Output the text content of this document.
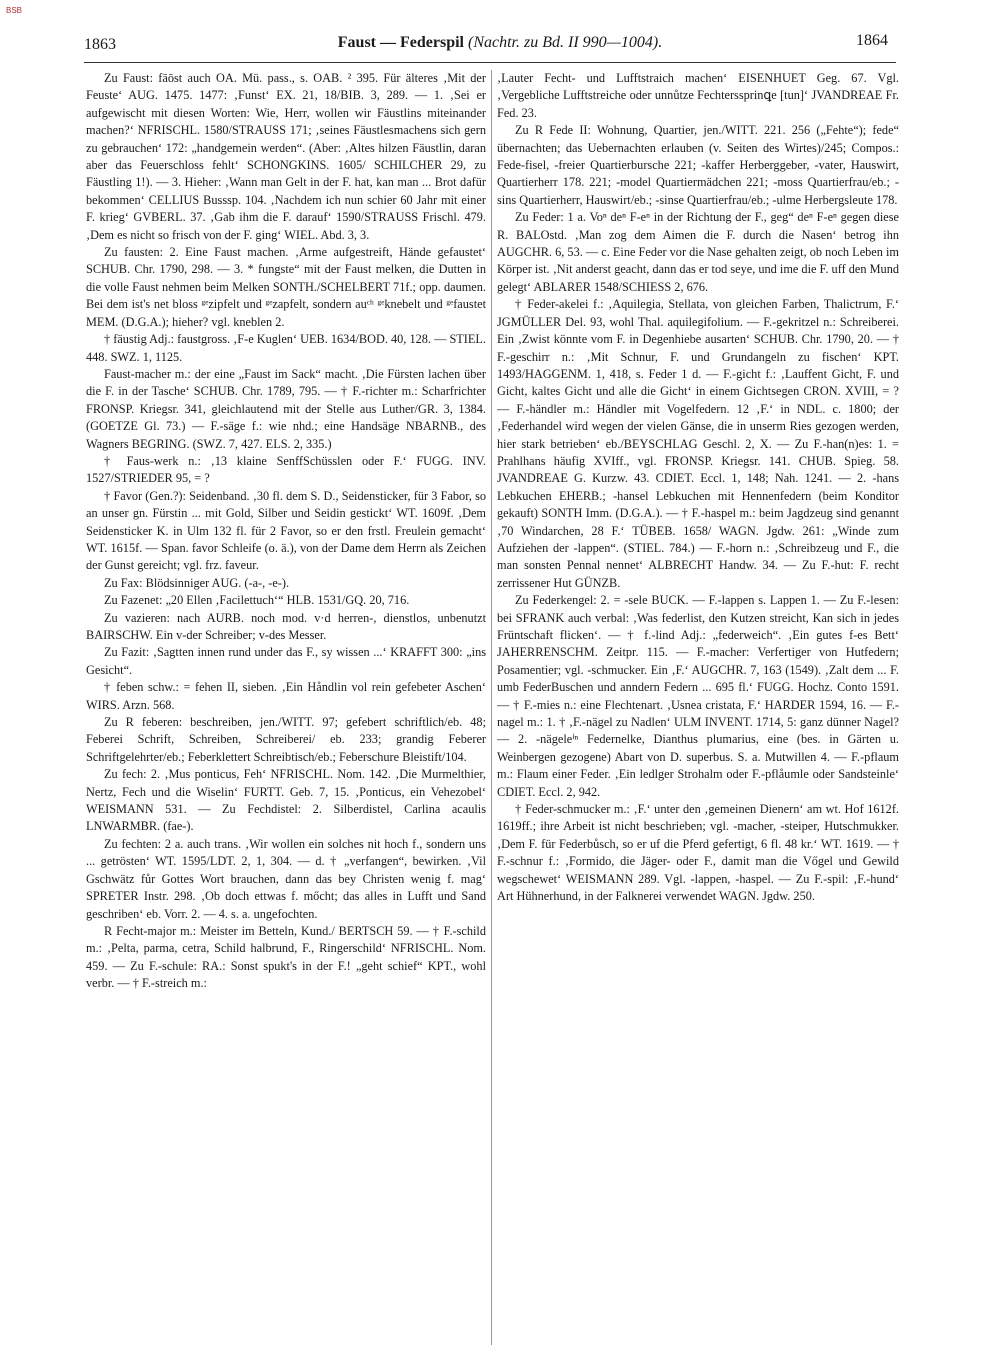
BSB
1863	Faust — Federspil (Nachtr. zu Bd. II 990—1004).	1864

Zu Faust: fāōst auch OA. Mü. pass., s. OAB. ² 395. Für älteres ‚Mit der Feuste‘ AUG. 1475. 1477: ‚Funst‘ EX. 21, 18/BIB. 3, 289. — 1. ‚Sei er aufgewischt mit diesen Worten: Wie, Herr, wollen wir Fäustlins miteinander machen?‘ NFRISCHL. 1580/STRAUSS 171; ‚seines Fäustlesmachens sich gern zu gebrauchen‘ 172: „handgemein werden“. (Aber: ‚Altes hilzen Fäustlin, daran aber das Feuerschloss fehlt‘ SCHONGKINS. 1605/ SCHILCHER 29, zu Fäustling 1!). — 3. Hieher: ‚Wann man Gelt in der F. hat, kan man ... Brot dafür bekommen‘ CELLIUS Busssp. 104. ‚Nachdem ich nun schier 60 Jahr mit einer F. krieg‘ GVBERL. 37. ‚Gab ihm die F. darauf‘ 1590/STRAUSS Frischl. 479. ‚Dem es nicht so frisch von der F. ging‘ WIEL. Abd. 3, 3.

Zu fausten: 2. Eine Faust machen. ‚Arme aufgestreift, Hände gefaustet‘ SCHUB. Chr. 1790, 298. — 3. * fungste“ mit der Faust melken, die Dutten in die volle Faust nehmen beim Melken SONTH./SCHELBERT 71f.; opp. daumen. Bei dem ist's net bloss ᵍᵉzipfelt und ᵍᵉzapfelt, sondern auᶜʰ ᵍᵉknebelt und ᵍᵉfaustet MEM. (D.G.A.); hieher? vgl. kneblen 2.

† fäustig Adj.: faustgross. ‚F-e Kuglen‘ UEB. 1634/BOD. 40, 128. — STIEL. 448. SWZ. 1, 1125.

Faust-macher m.: der eine „Faust im Sack“ macht. ‚Die Fürsten lachen über die F. in der Tasche‘ SCHUB. Chr. 1789, 795. — † F.-richter m.: Scharfrichter FRONSP. Kriegsr. 341, gleichlautend mit der Stelle aus Luther/GR. 3, 1384. (GOETZE Gl. 73.) — F.-säge f.: wie nhd.; eine Handsäge NBARNB., des Wagners BEGRING. (SWZ. 7, 427. ELS. 2, 335.)

† Faus-werk n.: ‚13 klaine SenffSchüsslen oder F.‘ FUGG. INV. 1527/STRIEDER 95, = ?

† Favor (Gen.?): Seidenband. ‚30 fl. dem S. D., Seidensticker, für 3 Fabor, so an unser gn. Fürstin ... mit Gold, Silber und Seidin gestickt‘ WT. 1609f. ‚Dem Seidensticker K. in Ulm 132 fl. für 2 Favor, so er den frstl. Freulein gemacht‘ WT. 1615f. — Span. favor Schleife (o. ä.), von der Dame dem Herrn als Zeichen der Gunst gereicht; vgl. frz. faveur.

Zu Fax: Blödsinniger AUG. (-a-, -e-).

Zu Fazenet: „20 Ellen ‚Facilettuch‘“ HLB. 1531/GQ. 20, 716.

Zu vazieren: nach AURB. noch mod. v·d herren-, dienstlos, unbenutzt BAIRSCHW. Ein v-der Schreiber; v-des Messer.

Zu Fazit: ‚Sagtten innen rund under das F., sy wissen ...‘ KRAFFT 300: „ins Gesicht“.

† feben schw.: = fehen II, sieben. ‚Ein Håndlin vol rein gefebeter Aschen‘ WIRS. Arzn. 568.

Zu R feberen: beschreiben, jen./WITT. 97; gefebert schriftlich/eb. 48; Feberei Schrift, Schreiben, Schreiberei/ eb. 233; grandig Feberer Schriftgelehrter/eb.; Feberklettert Schreibtisch/eb.; Feberschure Bleistift/104.

Zu fech: 2. ‚Mus ponticus, Feh‘ NFRISCHL. Nom. 142. ‚Die Murmelthier, Nertz, Fech und die Wiselin‘ FURTT. Geb. 7, 15. ‚Ponticus, ein Vehezobel‘ WEISMANN 531. — Zu Fechdistel: 2. Silberdistel, Carlina acaulis LNWARMBR. (fae-).

Zu fechten: 2 a. auch trans. ‚Wir wollen ein solches nit hoch f., sondern uns ... getrösten‘ WT. 1595/LDT. 2, 1, 304. — d. † „verfangen“, bewirken. ‚Vil Gschwätz fůr Gottes Wort brauchen, dann das bey Christen wenig f. mag‘ SPRETER Instr. 298. ‚Ob doch ettwas f. mőcht; das alles in Lufft und Sand geschriben‘ eb. Vorr. 2. — 4. s. a. ungefochten.

R Fecht-major m.: Meister im Betteln, Kund./ BERTSCH 59. — † F.-schild m.: ‚Pelta, parma, cetra, Schild halbrund, F., Ringerschild‘ NFRISCHL. Nom. 459. — Zu F.-schule: RA.: Sonst spukt's in der F.! „geht schief“ KPT., wohl verbr. — † F.-streich m.:

‚Lauter Fecht- und Lufftstraich machen‘ EISENHUET Geg. 67. Vgl. ‚Vergebliche Lufftstreiche oder unnůtze Fechterssprinꝗe [tun]‘ JVANDREAE Fr. Fed. 23.

Zu R Fede II: Wohnung, Quartier, jen./WITT. 221. 256 („Fehte“); fede“ übernachten; das Uebernachten erlauben (v. Seiten des Wirtes)/245; Compos.: Fede-fisel, -freier Quartierbursche 221; -kaffer Herberggeber, -vater, Hauswirt, Quartierherr 178. 221; -model Quartiermädchen 221; -moss Quartierfrau/eb.; -sins Quartierherr, Hauswirt/eb.; -sinse Quartierfrau/eb.; -ulme Herbergsleute 178.

Zu Feder: 1 a. Voⁿ deⁿ F-eⁿ in der Richtung der F., geg“ deⁿ F-eⁿ gegen diese R. BALOstd. ‚Man zog dem Aimen die F. durch die Nasen‘ betrog ihn AUGCHR. 6, 53. — c. Eine Feder vor die Nase gehalten zeigt, ob noch Leben im Körper ist. ‚Nit anderst geacht, dann das er tod seye, und ime die F. uff den Mund gelegt‘ ABLARER 1548/SCHIESS 2, 676.

† Feder-akelei f.: ‚Aquilegia, Stellata, von gleichen Farben, Thalictrum, F.‘ JGMÜLLER Del. 93, wohl Thal. aquilegifolium. — F.-gekritzel n.: Schreiberei. Ein ‚Zwist könnte vom F. in Degenhiebe ausarten‘ SCHUB. Chr. 1790, 20. — † F.-geschirr n.: ‚Mit Schnur, F. und Grundangeln zu fischen‘ KPT. 1493/HAGGENM. 1, 418, s. Feder 1 d. — F.-gicht f.: ‚Lauffent Gicht, F. und Gicht, kaltes Gicht und alle die Gicht‘ in einem Gichtsegen CRON. XVIII, = ? — F.-händler m.: Händler mit Vogelfedern. 12 ‚F.‘ in NDL. c. 1800; der ‚Federhandel wird wegen der vielen Gänse, die in unserm Ries gezogen werden, hier stark betrieben‘ eb./BEYSCHLAG Geschl. 2, X. — Zu F.-han(n)es: 1. = Prahlhans häufig XVIff., vgl. FRONSP. Kriegsr. 141. CHUB. Spieg. 58. JVANDREAE G. Kurzw. 43. CDIET. Eccl. 1, 148; Nah. 1241. — 2. -hans Lebkuchen EHERB.; -hansel Lebkuchen mit Hennenfedern (beim Konditor gekauft) SONTH Imm. (D.G.A.). — † F.-haspel m.: beim Jagdzeug sind genannt ‚70 Windarchen, 28 F.‘ TÜBEB. 1658/ WAGN. Jgdw. 261: „Winde zum Aufziehen der -lappen“. (STIEL. 784.) — F.-horn n.: ‚Schreibzeug und F., die man sonsten Pennal nennet‘ ALBRECHT Handw. 34. — Zu F.-hut: F. recht zerrissener Hut GÜNZB.

Zu Federkengel: 2. = -sele BUCK. — F.-lappen s. Lappen 1. — Zu F.-lesen: bei SFRANK auch verbal: ‚Was federlist, den Kutzen streicht, Kan sich in jedes Früntschaft flicken‘. — † f.-lind Adj.: „federweich“. ‚Ein gutes f-es Bett‘ JAHERRENSCHM. Zeitpr. 115. — F.-macher: Verfertiger von Hutfedern; Posamentier; vgl. -schmucker. Ein ‚F.‘ AUGCHR. 7, 163 (1549). ‚Zalt dem ... F. umb FederBuschen und anndern Federn ... 695 fl.‘ FUGG. Hochz. Conto 1591. — † F.-mies n.: eine Flechtenart. ‚Usnea cristata, F.‘ HARDER 1594, 16. — F.-nagel m.: 1. † ‚F.-nägel zu Nadlen‘ ULM INVENT. 1714, 5: ganz dünner Nagel? — 2. -nägeleⁱⁿ Federnelke, Dianthus plumarius, eine (bes. in Gärten u. Weinbergen gezogene) Abart von D. superbus. S. a. Mutwillen 4. — F.-pflaum m.: Flaum einer Feder. ‚Ein ledlger Strohalm oder F.-pflåumle oder Sandsteinle‘ CDIET. Eccl. 2, 942.

† Feder-schmucker m.: ‚F.‘ unter den ‚gemeinen Dienern‘ am wt. Hof 1612f. 1619ff.; ihre Arbeit ist nicht beschrieben; vgl. -macher, -steiper, Hutschmukker. ‚Dem F. für Federbůsch, so er uf die Pferd gefertigt, 6 fl. 48 kr.‘ WT. 1619. — † F.-schnur f.: ‚Formido, die Jäger- oder F., damit man die Vőgel und Gewild wegschewet‘ WEISMANN 289. Vgl. -lappen, -haspel. — Zu F.-spil: ‚F.-hund‘ Art Hühnerhund, in der Falknerei verwendet WAGN. Jgdw. 250.
